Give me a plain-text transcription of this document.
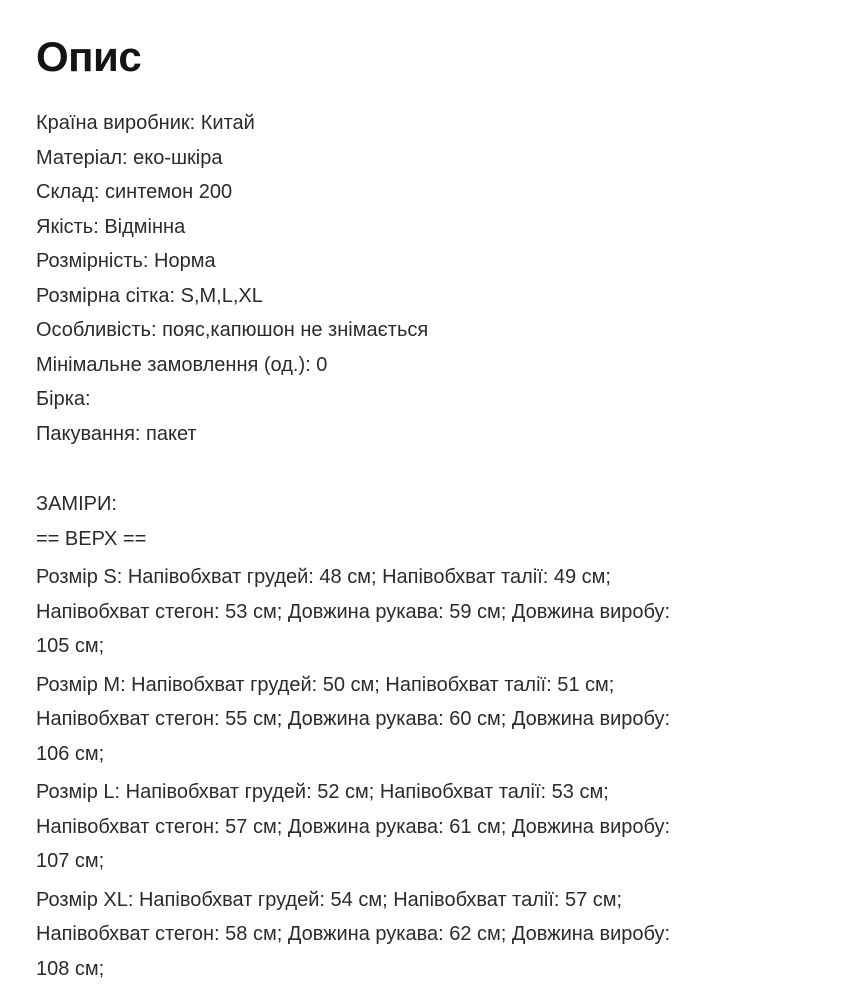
Опис
Країна виробник: Китай
Матеріал: еко-шкіра
Склад: синтемон 200
Якість: Відмінна
Розмірність: Норма
Розмірна сітка: S,M,L,XL
Особливість: пояс,капюшон не знімається
Мінімальне замовлення (од.): 0
Бірка:
Пакування: пакет
ЗАМІРИ:
== ВЕРХ ==
Розмір S: Напівобхват грудей: 48 см; Напівобхват талії: 49 см;
Напівобхват стегон: 53 см; Довжина рукава: 59 см; Довжина виробу:
105 см;
Розмір M: Напівобхват грудей: 50 см; Напівобхват талії: 51 см;
Напівобхват стегон: 55 см; Довжина рукава: 60 см; Довжина виробу:
106 см;
Розмір L: Напівобхват грудей: 52 см; Напівобхват талії: 53 см;
Напівобхват стегон: 57 см; Довжина рукава: 61 см; Довжина виробу:
107 см;
Розмір XL: Напівобхват грудей: 54 см; Напівобхват талії: 57 см;
Напівобхват стегон: 58 см; Довжина рукава: 62 см; Довжина виробу:
108 см;
